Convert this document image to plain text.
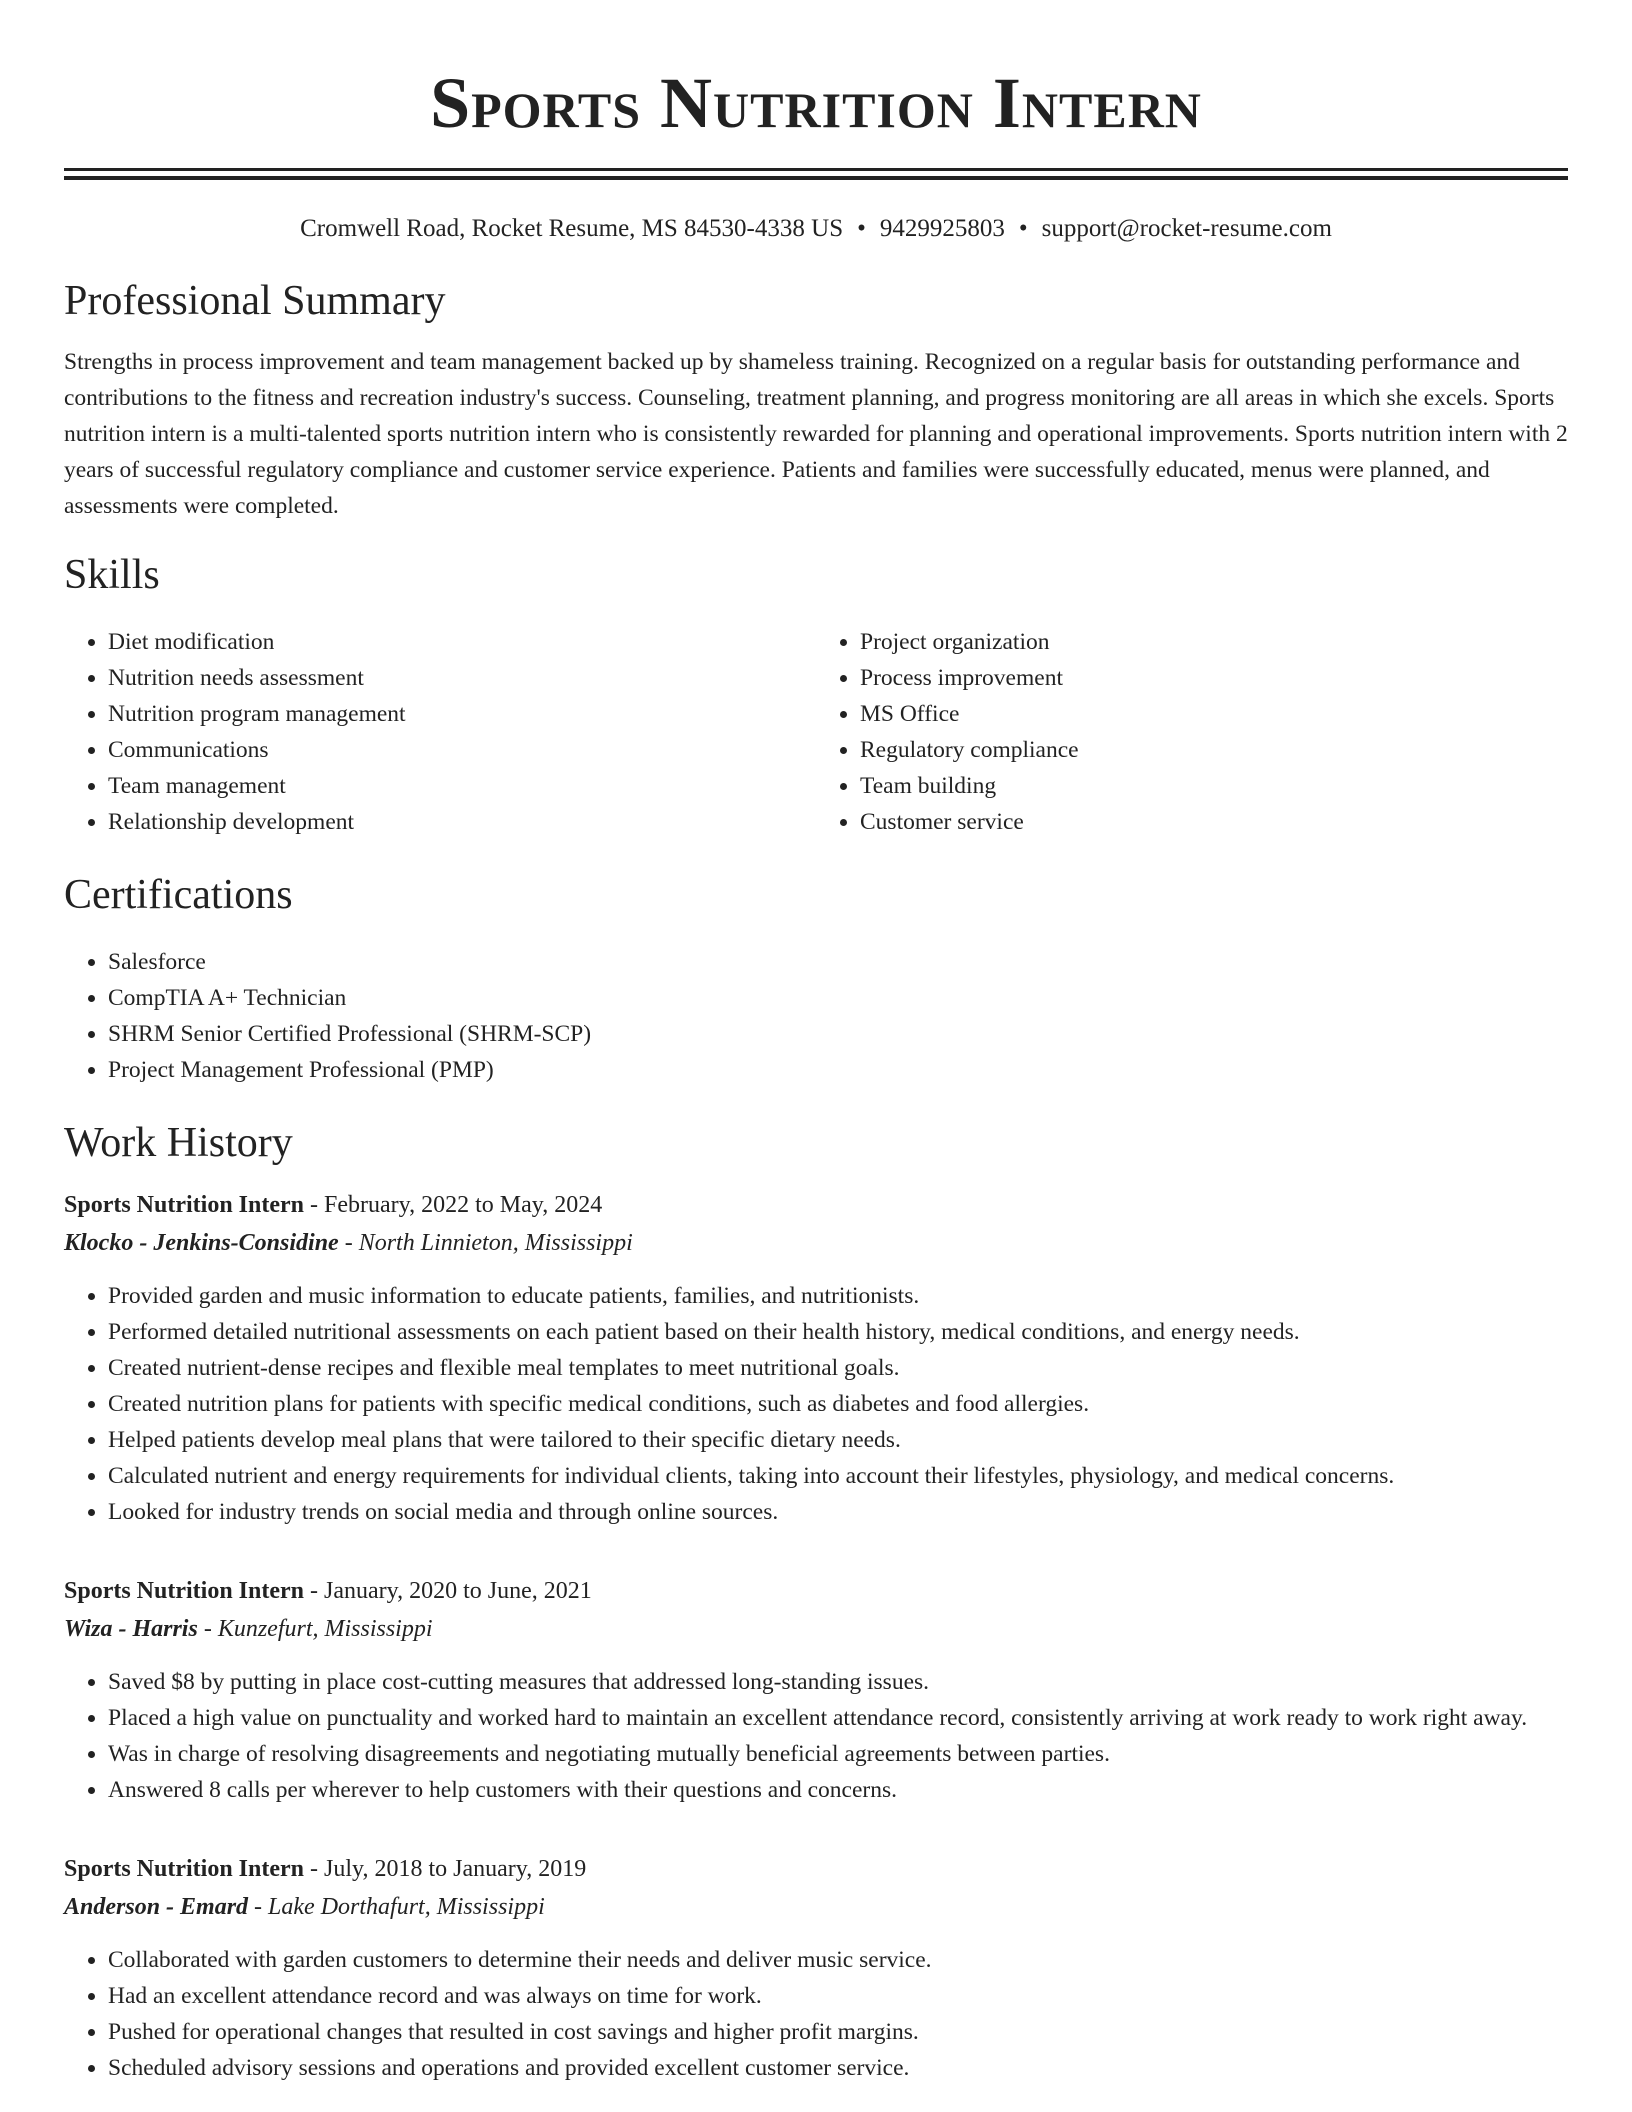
Sports Nutrition Intern
Cromwell Road, Rocket Resume, MS 84530-4338 US • 9429925803 • support@rocket-resume.com
Professional Summary
Strengths in process improvement and team management backed up by shameless training. Recognized on a regular basis for outstanding performance and contributions to the fitness and recreation industry's success. Counseling, treatment planning, and progress monitoring are all areas in which she excels. Sports nutrition intern is a multi-talented sports nutrition intern who is consistently rewarded for planning and operational improvements. Sports nutrition intern with 2 years of successful regulatory compliance and customer service experience. Patients and families were successfully educated, menus were planned, and assessments were completed.
Skills
• Diet modification
• Nutrition needs assessment
• Nutrition program management
• Communications
• Team management
• Relationship development
• Project organization
• Process improvement
• MS Office
• Regulatory compliance
• Team building
• Customer service
Certifications
• Salesforce
• CompTIA A+ Technician
• SHRM Senior Certified Professional (SHRM-SCP)
• Project Management Professional (PMP)
Work History
Sports Nutrition Intern - February, 2022 to May, 2024
Klocko - Jenkins-Considine - North Linnieton, Mississippi
• Provided garden and music information to educate patients, families, and nutritionists.
• Performed detailed nutritional assessments on each patient based on their health history, medical conditions, and energy needs.
• Created nutrient-dense recipes and flexible meal templates to meet nutritional goals.
• Created nutrition plans for patients with specific medical conditions, such as diabetes and food allergies.
• Helped patients develop meal plans that were tailored to their specific dietary needs.
• Calculated nutrient and energy requirements for individual clients, taking into account their lifestyles, physiology, and medical concerns.
• Looked for industry trends on social media and through online sources.
Sports Nutrition Intern - January, 2020 to June, 2021
Wiza - Harris - Kunzefurt, Mississippi
• Saved $8 by putting in place cost-cutting measures that addressed long-standing issues.
• Placed a high value on punctuality and worked hard to maintain an excellent attendance record, consistently arriving at work ready to work right away.
• Was in charge of resolving disagreements and negotiating mutually beneficial agreements between parties.
• Answered 8 calls per wherever to help customers with their questions and concerns.
Sports Nutrition Intern - July, 2018 to January, 2019
Anderson - Emard - Lake Dorthafurt, Mississippi
• Collaborated with garden customers to determine their needs and deliver music service.
• Had an excellent attendance record and was always on time for work.
• Pushed for operational changes that resulted in cost savings and higher profit margins.
• Scheduled advisory sessions and operations and provided excellent customer service.
